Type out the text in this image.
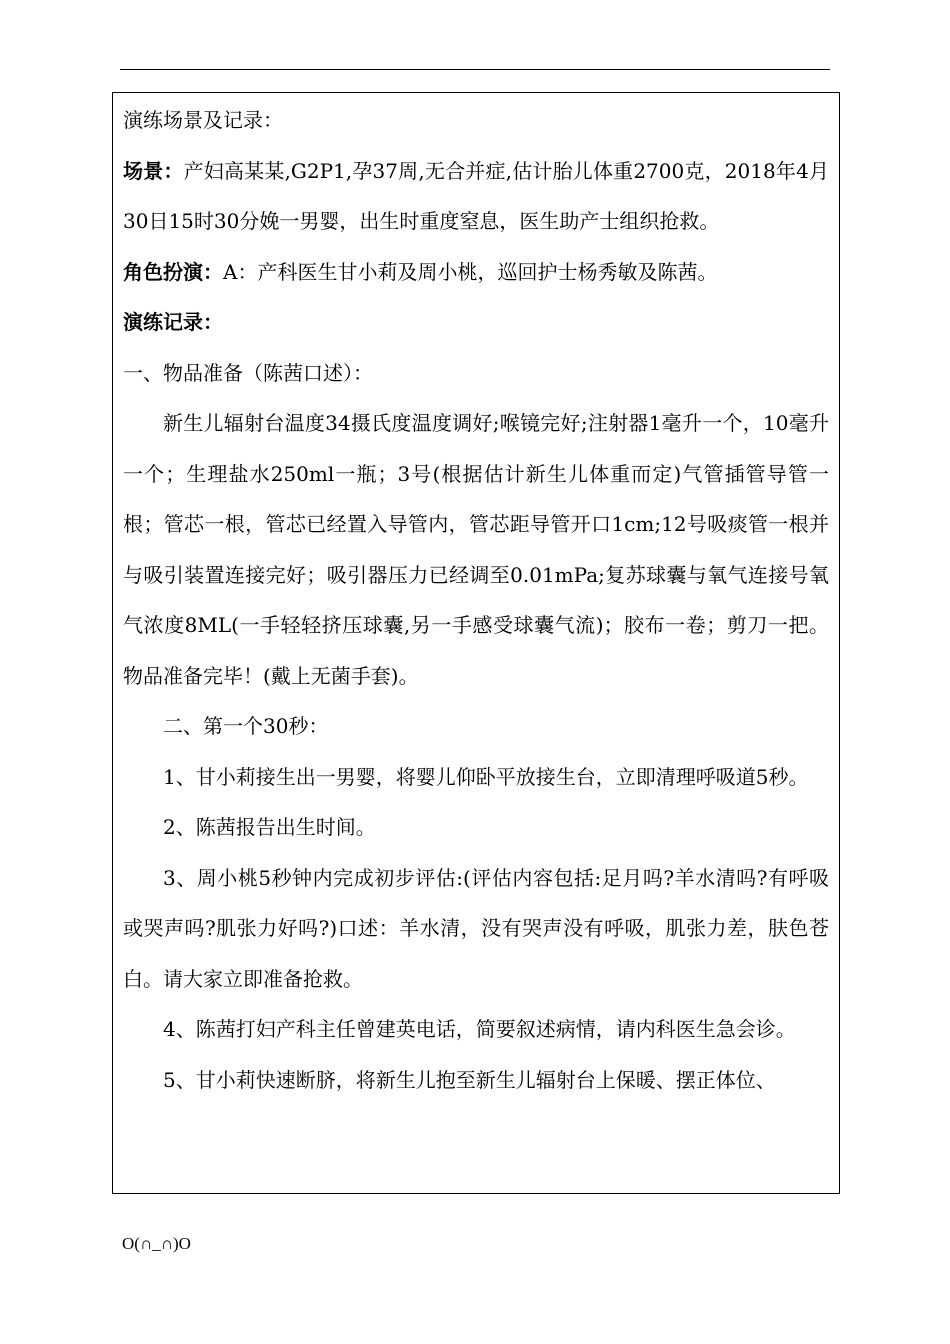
演练场景及记录：

场景：产妇高某某,G2P1,孕37周,无合并症,估计胎儿体重2700克，2018年4月30日15时30分娩一男婴，出生时重度窒息，医生助产士组织抢救。

角色扮演：A：产科医生甘小莉及周小桃，巡回护士杨秀敏及陈茜。

演练记录：

一、物品准备（陈茜口述）：

新生儿辐射台温度34摄氏度温度调好;喉镜完好;注射器1毫升一个，10毫升一个；生理盐水250ml一瓶；3号(根据估计新生儿体重而定)气管插管导管一根；管芯一根，管芯已经置入导管内，管芯距导管开口1cm;12号吸痰管一根并与吸引装置连接完好；吸引器压力已经调至0.01mPa;复苏球囊与氧气连接号氧气浓度8ML(一手轻轻挤压球囊,另一手感受球囊气流)；胶布一卷；剪刀一把。物品准备完毕！(戴上无菌手套)。

二、第一个30秒：

1、甘小莉接生出一男婴，将婴儿仰卧平放接生台，立即清理呼吸道5秒。

2、陈茜报告出生时间。

3、周小桃5秒钟内完成初步评估:(评估内容包括:足月吗?羊水清吗?有呼吸或哭声吗?肌张力好吗?)口述：羊水清，没有哭声没有呼吸，肌张力差，肤色苍白。请大家立即准备抢救。

4、陈茜打妇产科主任曾建英电话，简要叙述病情，请内科医生急会诊。

5、甘小莉快速断脐，将新生儿抱至新生儿辐射台上保暖、摆正体位、

O(∩_∩)O
